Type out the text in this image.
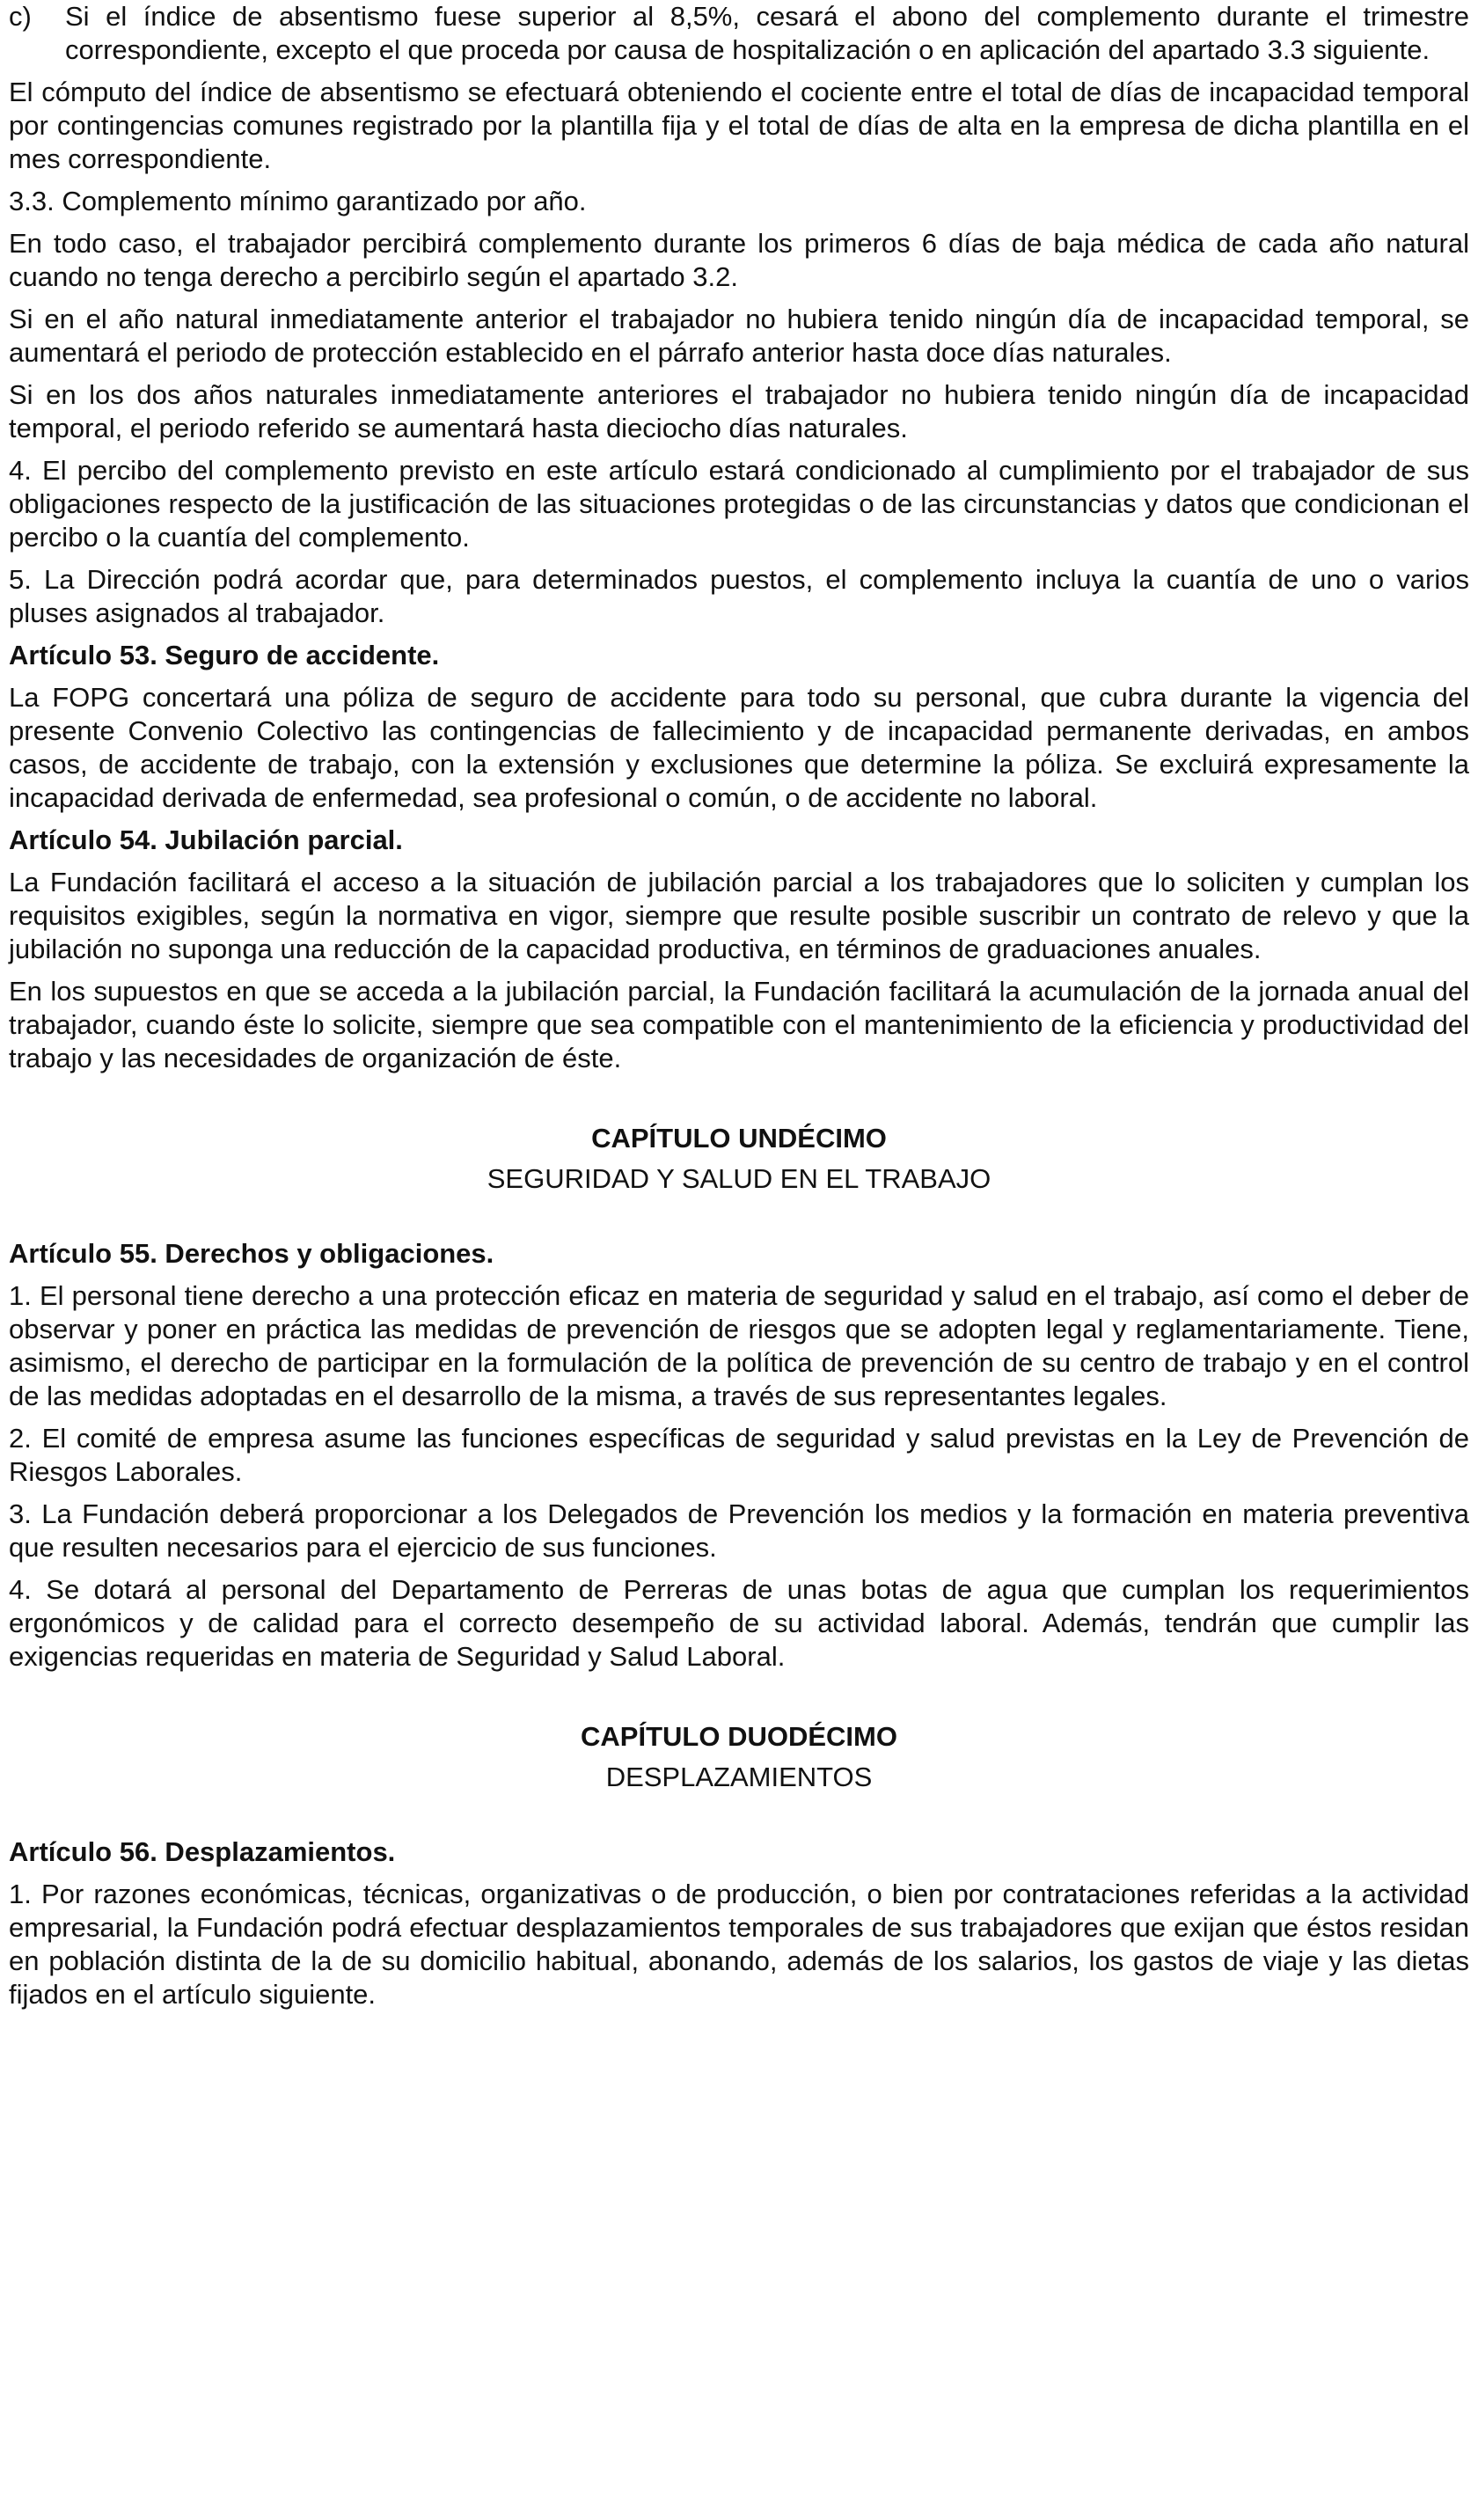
c)	Si el índice de absentismo fuese superior al 8,5%, cesará el abono del complemento durante el trimestre correspondiente, excepto el que proceda por causa de hospitalización o en aplicación del apartado 3.3 siguiente.

El cómputo del índice de absentismo se efectuará obteniendo el cociente entre el total de días de incapacidad temporal por contingencias comunes registrado por la plantilla fija y el total de días de alta en la empresa de dicha plantilla en el mes correspondiente.

3.3. Complemento mínimo garantizado por año.

En todo caso, el trabajador percibirá complemento durante los primeros 6 días de baja médica de cada año natural cuando no tenga derecho a percibirlo según el apartado 3.2.

Si en el año natural inmediatamente anterior el trabajador no hubiera tenido ningún día de incapacidad temporal, se aumentará el periodo de protección establecido en el párrafo anterior hasta doce días naturales.

Si en los dos años naturales inmediatamente anteriores el trabajador no hubiera tenido ningún día de incapacidad temporal, el periodo referido se aumentará hasta dieciocho días naturales.

4. El percibo del complemento previsto en este artículo estará condicionado al cumplimiento por el trabajador de sus obligaciones respecto de la justificación de las situaciones protegidas o de las circunstancias y datos que condicionan el percibo o la cuantía del complemento.

5. La Dirección podrá acordar que, para determinados puestos, el complemento incluya la cuantía de uno o varios pluses asignados al trabajador.

Artículo 53. Seguro de accidente.

La FOPG concertará una póliza de seguro de accidente para todo su personal, que cubra durante la vigencia del presente Convenio Colectivo las contingencias de fallecimiento y de incapacidad permanente derivadas, en ambos casos, de accidente de trabajo, con la extensión y exclusiones que determine la póliza. Se excluirá expresamente la incapacidad derivada de enfermedad, sea profesional o común, o de accidente no laboral.

Artículo 54. Jubilación parcial.

La Fundación facilitará el acceso a la situación de jubilación parcial a los trabajadores que lo soliciten y cumplan los requisitos exigibles, según la normativa en vigor, siempre que resulte posible suscribir un contrato de relevo y que la jubilación no suponga una reducción de la capacidad productiva, en términos de graduaciones anuales.

En los supuestos en que se acceda a la jubilación parcial, la Fundación facilitará la acumulación de la jornada anual del trabajador, cuando éste lo solicite, siempre que sea compatible con el mantenimiento de la eficiencia y productividad del trabajo y las necesidades de organización de éste.

CAPÍTULO UNDÉCIMO
SEGURIDAD Y SALUD EN EL TRABAJO
Artículo 55. Derechos y obligaciones.

1. El personal tiene derecho a una protección eficaz en materia de seguridad y salud en el trabajo, así como el deber de observar y poner en práctica las medidas de prevención de riesgos que se adopten legal y reglamentariamente. Tiene, asimismo, el derecho de participar en la formulación de la política de prevención de su centro de trabajo y en el control de las medidas adoptadas en el desarrollo de la misma, a través de sus representantes legales.

2. El comité de empresa asume las funciones específicas de seguridad y salud previstas en la Ley de Prevención de Riesgos Laborales.

3. La Fundación deberá proporcionar a los Delegados de Prevención los medios y la formación en materia preventiva que resulten necesarios para el ejercicio de sus funciones.

4. Se dotará al personal del Departamento de Perreras de unas botas de agua que cumplan los requerimientos ergonómicos y de calidad para el correcto desempeño de su actividad laboral. Además, tendrán que cumplir las exigencias requeridas en materia de Seguridad y Salud Laboral.

CAPÍTULO DUODÉCIMO
DESPLAZAMIENTOS
Artículo 56. Desplazamientos.

1. Por razones económicas, técnicas, organizativas o de producción, o bien por contrataciones referidas a la actividad empresarial, la Fundación podrá efectuar desplazamientos temporales de sus trabajadores que exijan que éstos residan en población distinta de la de su domicilio habitual, abonando, además de los salarios, los gastos de viaje y las dietas fijados en el artículo siguiente.
